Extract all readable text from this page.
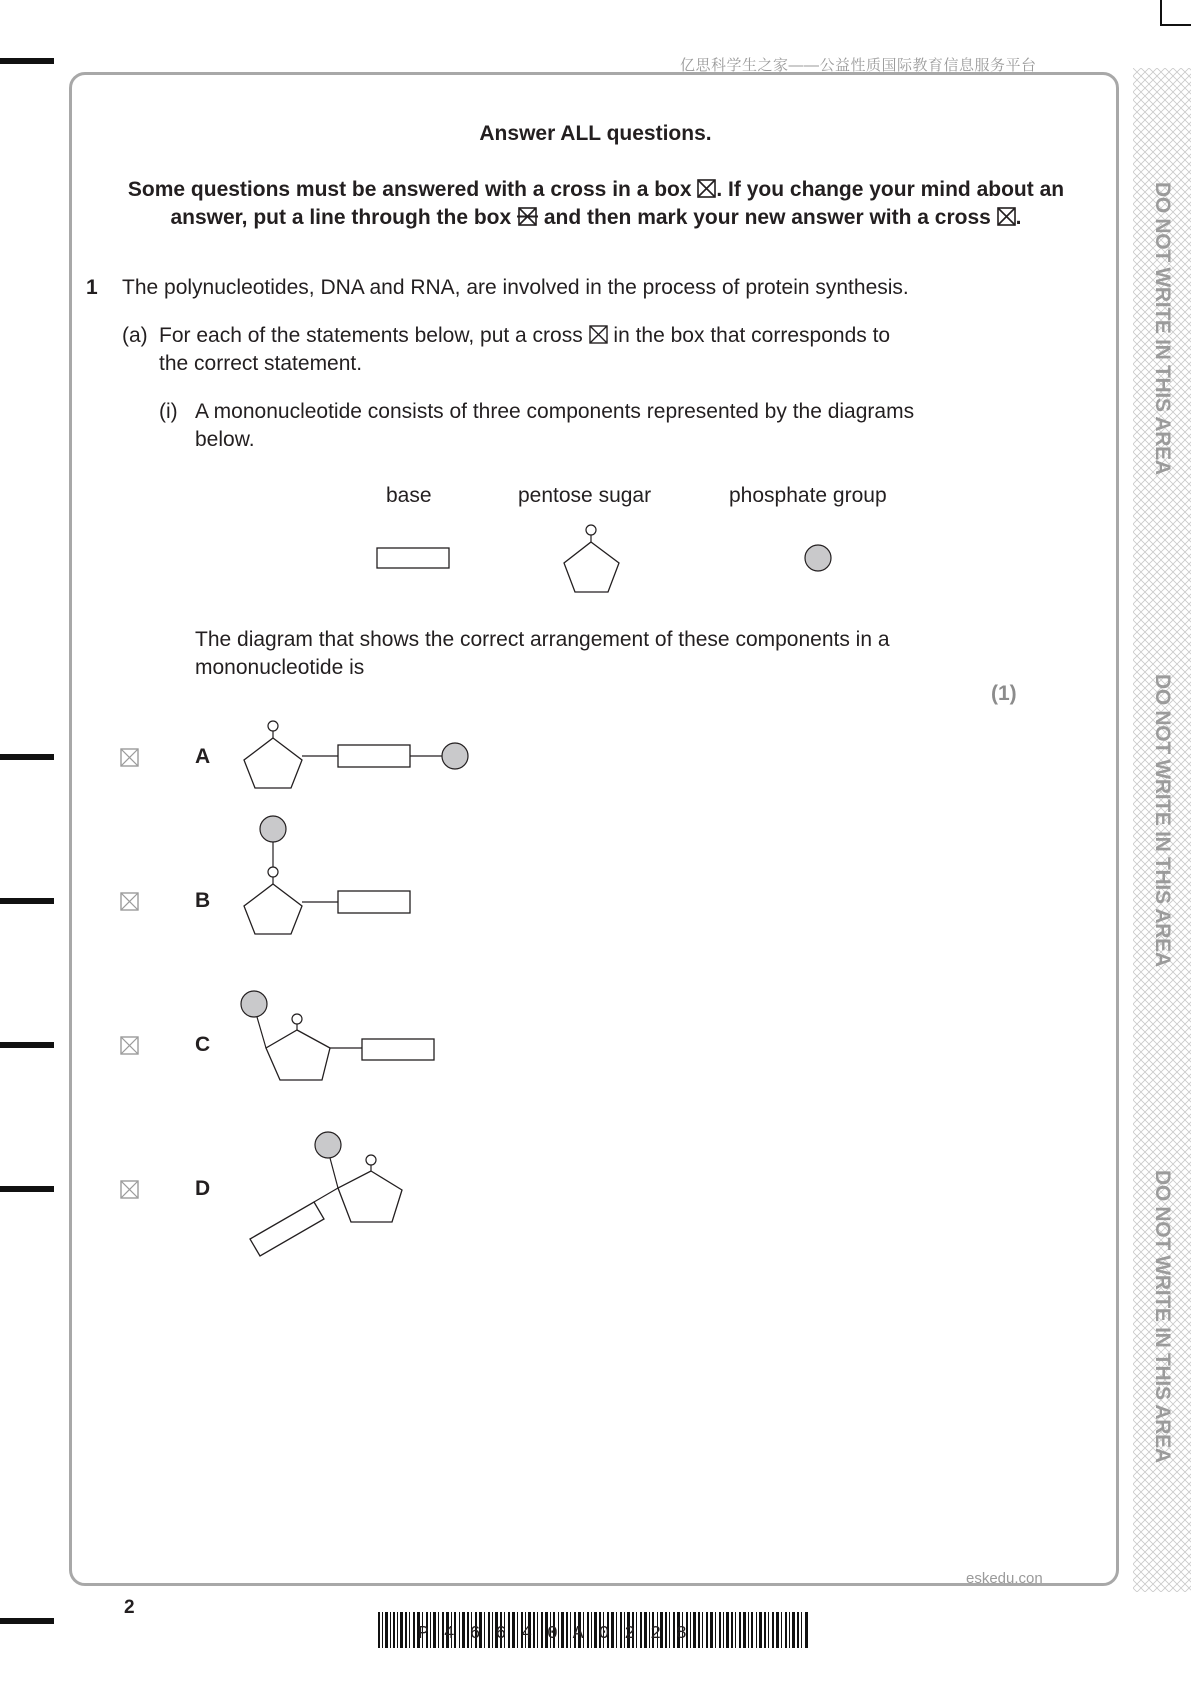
亿思科学生之家——公益性质国际教育信息服务平台
DO NOT WRITE IN THIS AREA
DO NOT WRITE IN THIS AREA
DO NOT WRITE IN THIS AREA
Answer ALL questions.
Some questions must be answered with a cross in a box ☒. If you change your mind about an
answer, put a line through the box and then mark your new answer with a cross ☒.
1 The polynucleotides, DNA and RNA, are involved in the process of protein synthesis.
(a) For each of the statements below, put a cross ☒ in the box that corresponds to
the correct statement.
(i) A mononucleotide consists of three components represented by the diagrams
below.
base	pentose sugar	phosphate group
The diagram that shows the correct arrangement of these components in a
mononucleotide is
(1)
A
B
C
D
eskedu.con
2
P46640A0228
